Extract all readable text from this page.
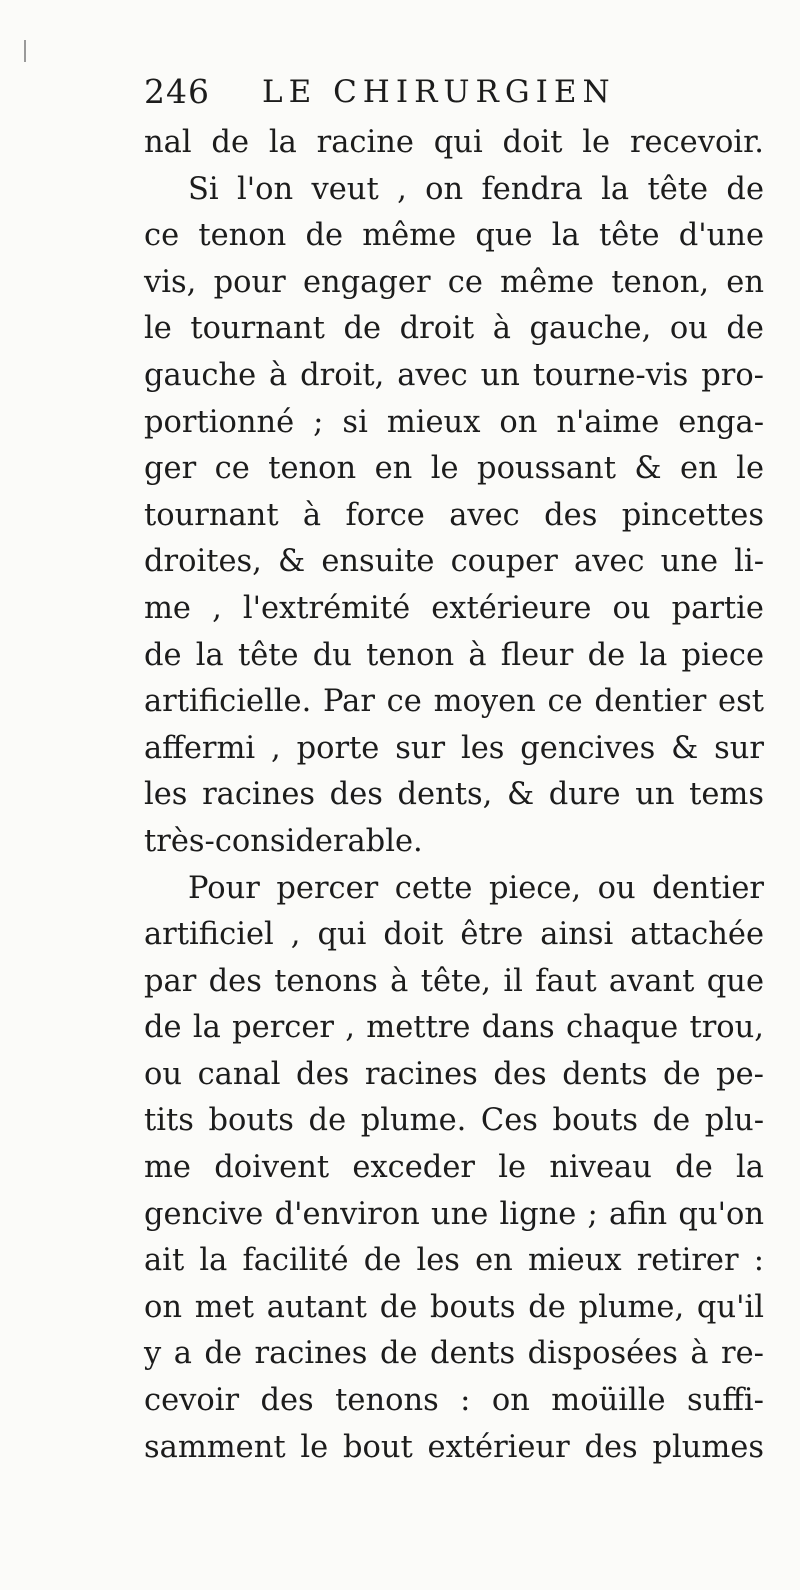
246 LE CHIRURGIEN
nal de la racine qui doit le recevoir.
Si l'on veut , on fendra la tête de
ce tenon de même que la tête d'une
vis, pour engager ce même tenon, en
le tournant de droit à gauche, ou de
gauche à droit, avec un tourne-vis pro-
portionné ; si mieux on n'aime enga-
ger ce tenon en le poussant & en le
tournant à force avec des pincettes
droites, & ensuite couper avec une li-
me , l'extrémité extérieure ou partie
de la tête du tenon à fleur de la piece
artificielle. Par ce moyen ce dentier est
affermi , porte sur les gencives & sur
les racines des dents, & dure un tems
très-considerable.
Pour percer cette piece, ou dentier
artificiel , qui doit être ainsi attachée
par des tenons à tête, il faut avant que
de la percer , mettre dans chaque trou,
ou canal des racines des dents de pe-
tits bouts de plume. Ces bouts de plu-
me doivent exceder le niveau de la
gencive d'environ une ligne ; afin qu'on
ait la facilité de les en mieux retirer :
on met autant de bouts de plume, qu'il
y a de racines de dents disposées à re-
cevoir des tenons : on moüille suffi-
samment le bout extérieur des plumes
